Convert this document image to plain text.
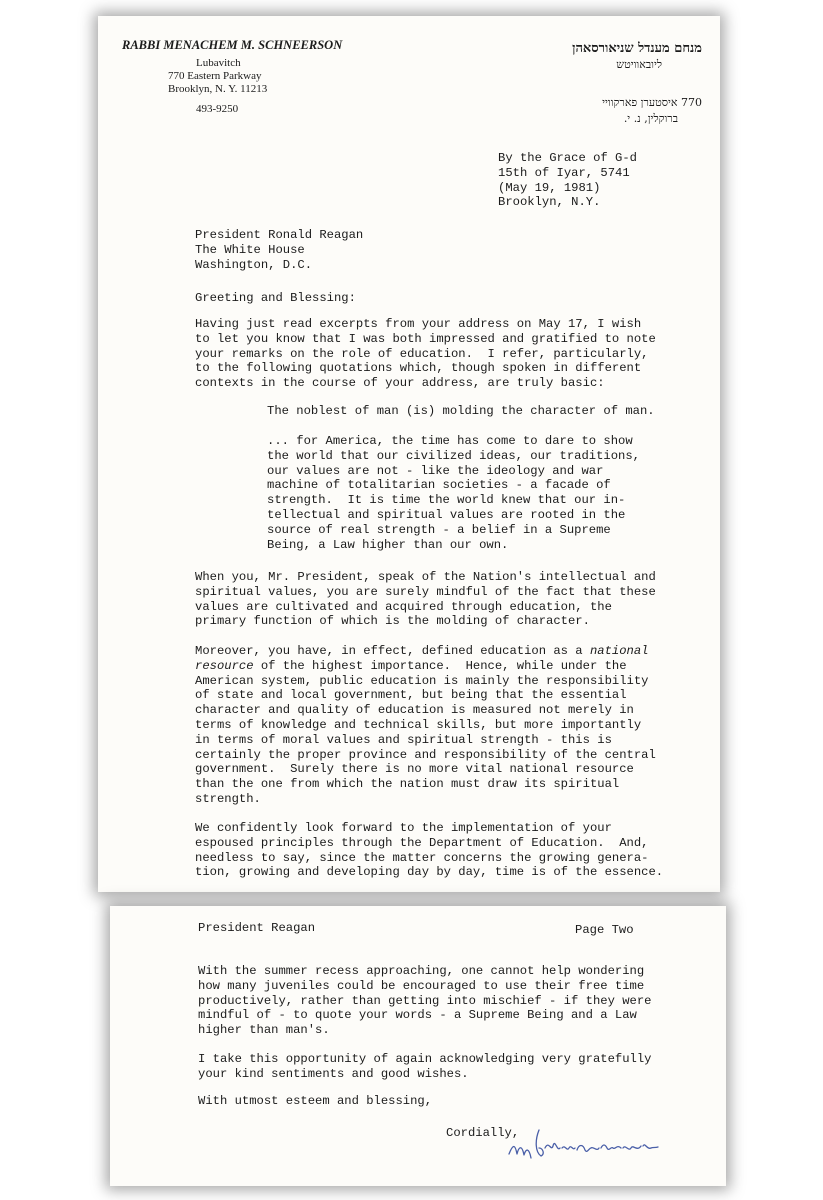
RABBI MENACHEM M. SCHNEERSON
Lubavitch
770 Eastern Parkway
Brooklyn, N. Y. 11213
493-9250
מנחם מענדל שניאורסאהן
ליובאוויטש
770 איסטערן פארקוויי
ברוקלין, נ. י.
By the Grace of G-d
15th of Iyar, 5741
(May 19, 1981)
Brooklyn, N.Y.
President Ronald Reagan
The White House
Washington, D.C.
Greeting and Blessing:
Having just read excerpts from your address on May 17, I wish
to let you know that I was both impressed and gratified to note
your remarks on the role of education.  I refer, particularly,
to the following quotations which, though spoken in different
contexts in the course of your address, are truly basic:
The noblest of man (is) molding the character of man.
... for America, the time has come to dare to show
the world that our civilized ideas, our traditions,
our values are not - like the ideology and war
machine of totalitarian societies - a facade of
strength.  It is time the world knew that our in-
tellectual and spiritual values are rooted in the
source of real strength - a belief in a Supreme
Being, a Law higher than our own.
When you, Mr. President, speak of the Nation's intellectual and
spiritual values, you are surely mindful of the fact that these
values are cultivated and acquired through education, the
primary function of which is the molding of character.
Moreover, you have, in effect, defined education as a national
resource of the highest importance.  Hence, while under the
American system, public education is mainly the responsibility
of state and local government, but being that the essential
character and quality of education is measured not merely in
terms of knowledge and technical skills, but more importantly
in terms of moral values and spiritual strength - this is
certainly the proper province and responsibility of the central
government.  Surely there is no more vital national resource
than the one from which the nation must draw its spiritual
strength.
We confidently look forward to the implementation of your
espoused principles through the Department of Education.  And,
needless to say, since the matter concerns the growing genera-
tion, growing and developing day by day, time is of the essence.
President Reagan	Page Two
With the summer recess approaching, one cannot help wondering
how many juveniles could be encouraged to use their free time
productively, rather than getting into mischief - if they were
mindful of - to quote your words - a Supreme Being and a Law
higher than man's.
I take this opportunity of again acknowledging very gratefully
your kind sentiments and good wishes.
With utmost esteem and blessing,
Cordially,
